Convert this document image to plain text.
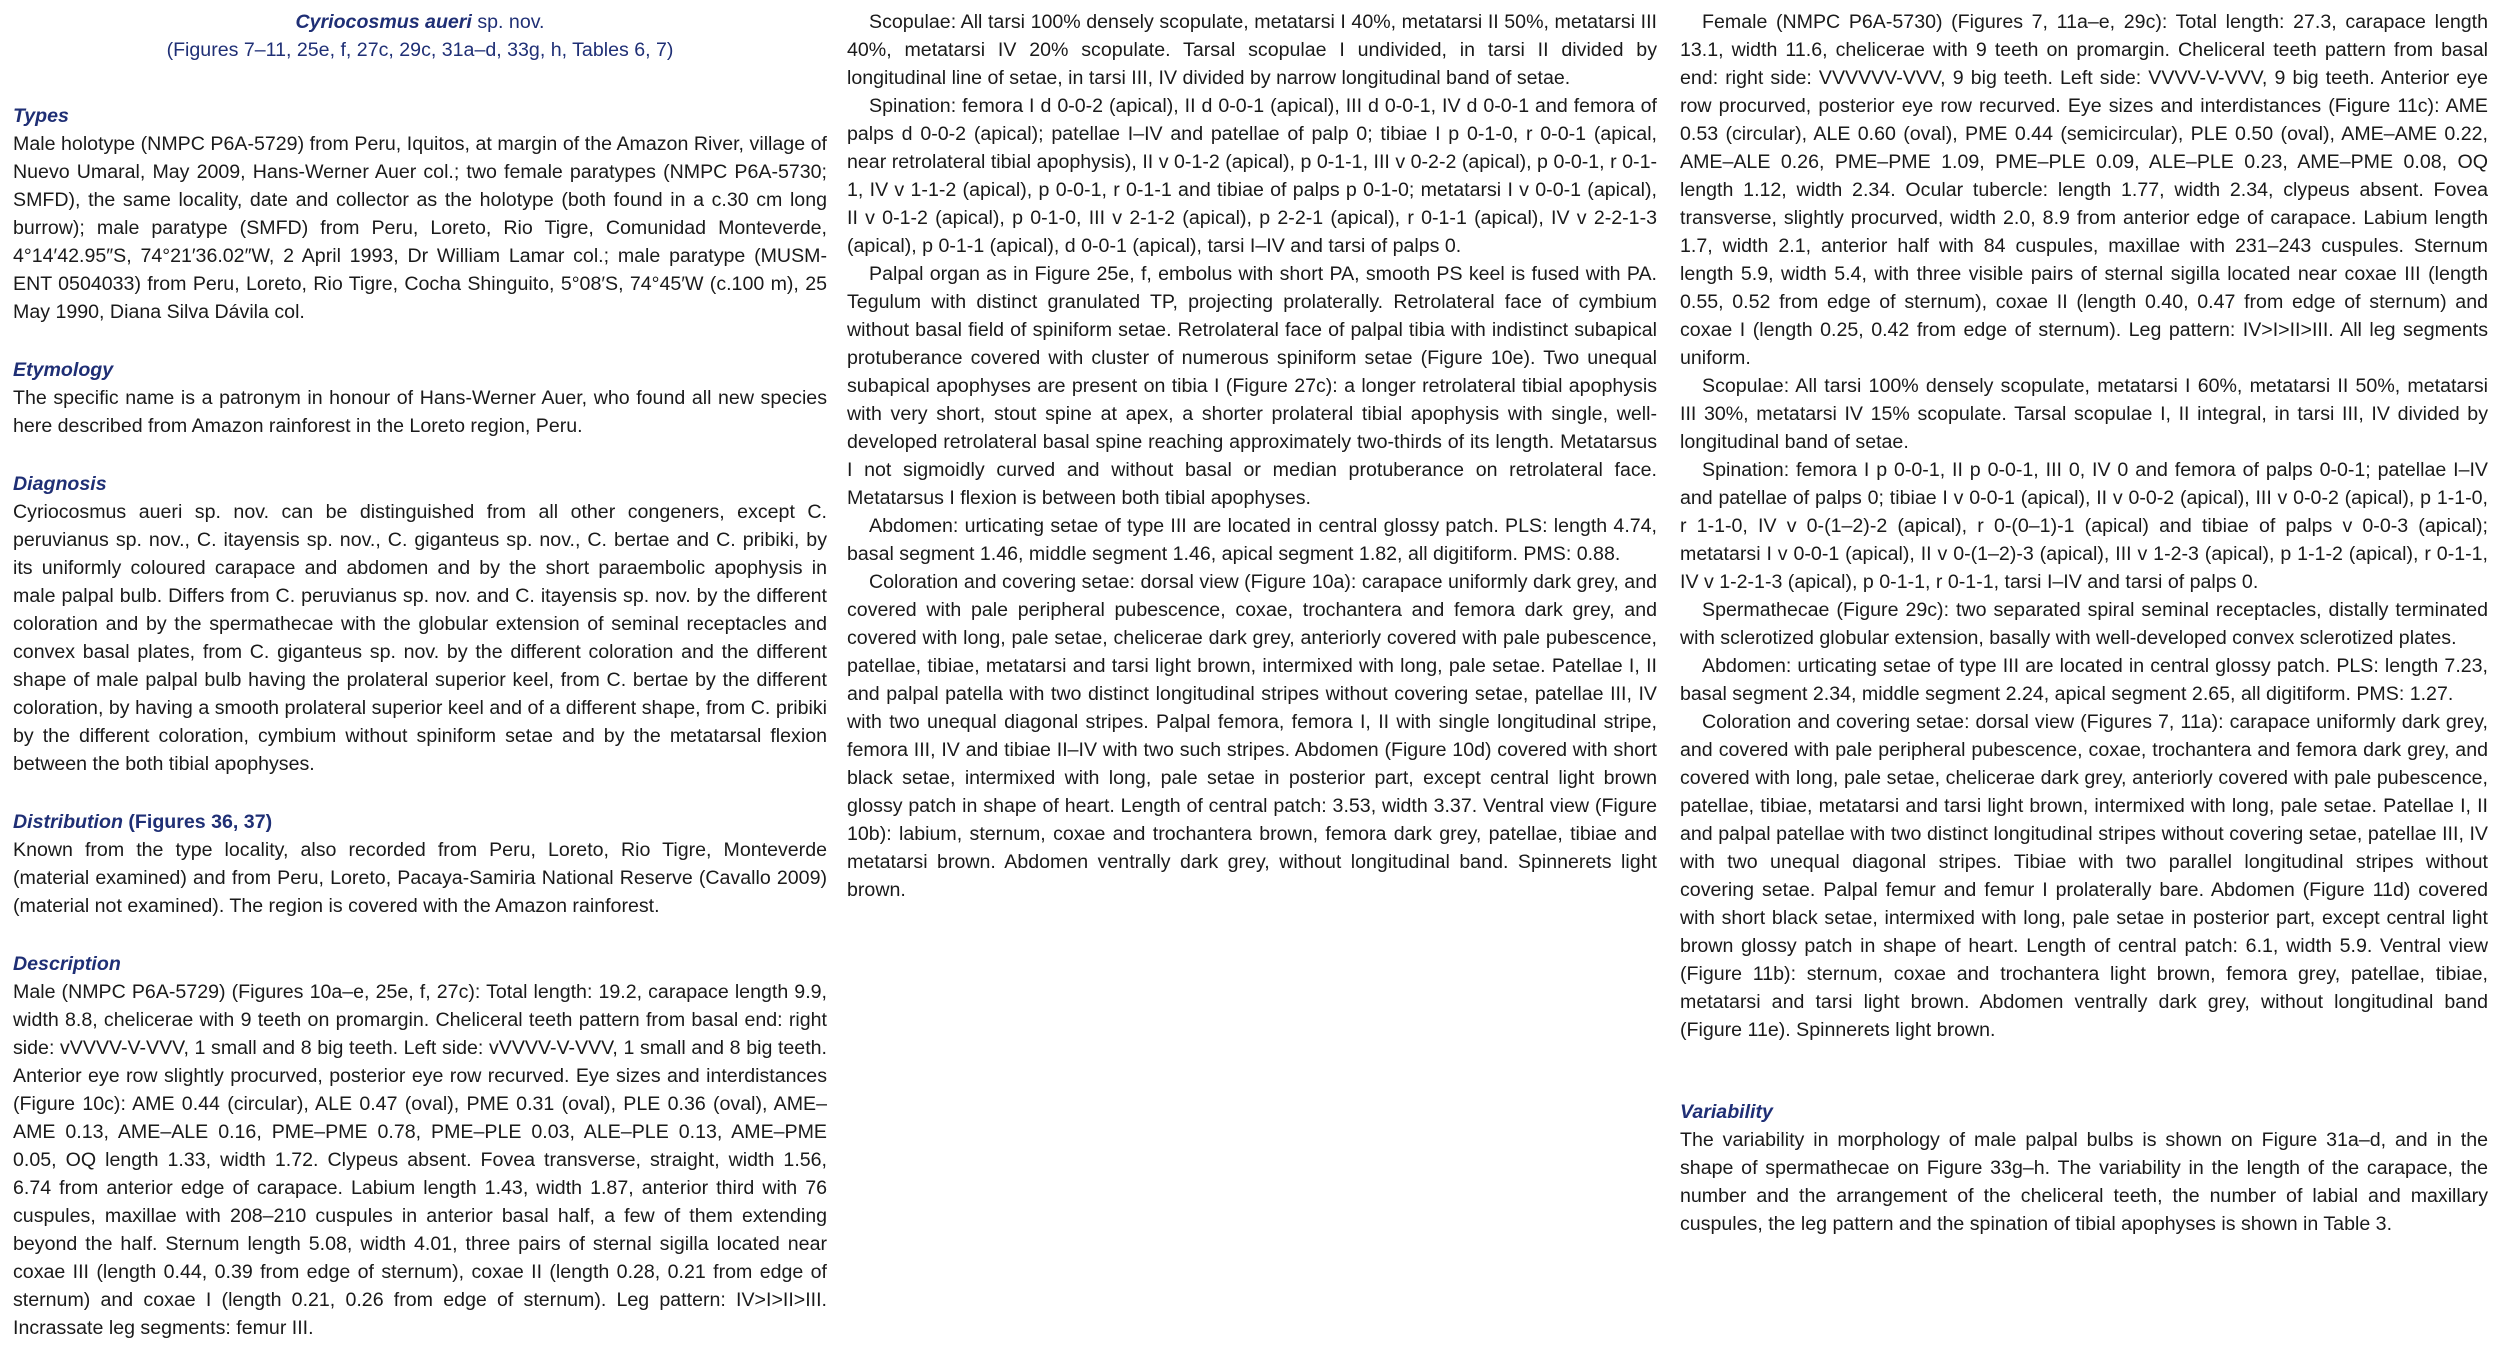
Cyriocosmus aueri sp. nov.
(Figures 7–11, 25e, f, 27c, 29c, 31a–d, 33g, h, Tables 6, 7)
Types

Male holotype (NMPC P6A-5729) from Peru, Iquitos, at margin of the Amazon River, village of Nuevo Umaral, May 2009, Hans-Werner Auer col.; two female paratypes (NMPC P6A-5730; SMFD), the same locality, date and collector as the holotype (both found in a c.30 cm long burrow); male paratype (SMFD) from Peru, Loreto, Rio Tigre, Comunidad Monteverde, 4°14′42.95″S, 74°21′36.02″W, 2 April 1993, Dr William Lamar col.; male paratype (MUSM-ENT 0504033) from Peru, Loreto, Rio Tigre, Cocha Shinguito, 5°08′S, 74°45′W (c.100 m), 25 May 1990, Diana Silva Dávila col.

Etymology

The specific name is a patronym in honour of Hans-Werner Auer, who found all new species here described from Amazon rainforest in the Loreto region, Peru.

Diagnosis

Cyriocosmus aueri sp. nov. can be distinguished from all other congeners, except C. peruvianus sp. nov., C. itayensis sp. nov., C. giganteus sp. nov., C. bertae and C. pribiki, by its uniformly coloured carapace and abdomen and by the short paraembolic apophysis in male palpal bulb. Differs from C. peruvianus sp. nov. and C. itayensis sp. nov. by the different coloration and by the spermathecae with the globular extension of seminal receptacles and convex basal plates, from C. giganteus sp. nov. by the different coloration and the different shape of male palpal bulb having the prolateral superior keel, from C. bertae by the different coloration, by having a smooth prolateral superior keel and of a different shape, from C. pribiki by the different coloration, cymbium without spiniform setae and by the metatarsal flexion between the both tibial apophyses.

Distribution (Figures 36, 37)

Known from the type locality, also recorded from Peru, Loreto, Rio Tigre, Monteverde (material examined) and from Peru, Loreto, Pacaya-Samiria National Reserve (Cavallo 2009) (material not examined). The region is covered with the Amazon rainforest.

Description

Male (NMPC P6A-5729) (Figures 10a–e, 25e, f, 27c): Total length: 19.2, carapace length 9.9, width 8.8, chelicerae with 9 teeth on promargin. Cheliceral teeth pattern from basal end: right side: vVVVV-V-VVV, 1 small and 8 big teeth. Left side: vVVVV-V-VVV, 1 small and 8 big teeth. Anterior eye row slightly procurved, posterior eye row recurved. Eye sizes and interdistances (Figure 10c): AME 0.44 (circular), ALE 0.47 (oval), PME 0.31 (oval), PLE 0.36 (oval), AME–AME 0.13, AME–ALE 0.16, PME–PME 0.78, PME–PLE 0.03, ALE–PLE 0.13, AME–PME 0.05, OQ length 1.33, width 1.72. Clypeus absent. Fovea transverse, straight, width 1.56, 6.74 from anterior edge of carapace. Labium length 1.43, width 1.87, anterior third with 76 cuspules, maxillae with 208–210 cuspules in anterior basal half, a few of them extending beyond the half. Sternum length 5.08, width 4.01, three pairs of sternal sigilla located near coxae III (length 0.44, 0.39 from edge of sternum), coxae II (length 0.28, 0.21 from edge of sternum) and coxae I (length 0.21, 0.26 from edge of sternum). Leg pattern: IV>I>II>III. Incrassate leg segments: femur III.

Scopulae: All tarsi 100% densely scopulate, metatarsi I 40%, metatarsi II 50%, metatarsi III 40%, metatarsi IV 20% scopulate. Tarsal scopulae I undivided, in tarsi II divided by longitudinal line of setae, in tarsi III, IV divided by narrow longitudinal band of setae.

Spination: femora I d 0-0-2 (apical), II d 0-0-1 (apical), III d 0-0-1, IV d 0-0-1 and femora of palps d 0-0-2 (apical); patellae I–IV and patellae of palp 0; tibiae I p 0-1-0, r 0-0-1 (apical, near retrolateral tibial apophysis), II v 0-1-2 (apical), p 0-1-1, III v 0-2-2 (apical), p 0-0-1, r 0-1-1, IV v 1-1-2 (apical), p 0-0-1, r 0-1-1 and tibiae of palps p 0-1-0; metatarsi I v 0-0-1 (apical), II v 0-1-2 (apical), p 0-1-0, III v 2-1-2 (apical), p 2-2-1 (apical), r 0-1-1 (apical), IV v 2-2-1-3 (apical), p 0-1-1 (apical), d 0-0-1 (apical), tarsi I–IV and tarsi of palps 0.

Palpal organ as in Figure 25e, f, embolus with short PA, smooth PS keel is fused with PA. Tegulum with distinct granulated TP, projecting prolaterally. Retrolateral face of cymbium without basal field of spiniform setae. Retrolateral face of palpal tibia with indistinct subapical protuberance covered with cluster of numerous spiniform setae (Figure 10e). Two unequal subapical apophyses are present on tibia I (Figure 27c): a longer retrolateral tibial apophysis with very short, stout spine at apex, a shorter prolateral tibial apophysis with single, well-developed retrolateral basal spine reaching approximately two-thirds of its length. Metatarsus I not sigmoidly curved and without basal or median protuberance on retrolateral face. Metatarsus I flexion is between both tibial apophyses.

Abdomen: urticating setae of type III are located in central glossy patch. PLS: length 4.74, basal segment 1.46, middle segment 1.46, apical segment 1.82, all digitiform. PMS: 0.88.

Coloration and covering setae: dorsal view (Figure 10a): carapace uniformly dark grey, and covered with pale peripheral pubescence, coxae, trochantera and femora dark grey, and covered with long, pale setae, chelicerae dark grey, anteriorly covered with pale pubescence, patellae, tibiae, metatarsi and tarsi light brown, intermixed with long, pale setae. Patellae I, II and palpal patella with two distinct longitudinal stripes without covering setae, patellae III, IV with two unequal diagonal stripes. Palpal femora, femora I, II with single longitudinal stripe, femora III, IV and tibiae II–IV with two such stripes. Abdomen (Figure 10d) covered with short black setae, intermixed with long, pale setae in posterior part, except central light brown glossy patch in shape of heart. Length of central patch: 3.53, width 3.37. Ventral view (Figure 10b): labium, sternum, coxae and trochantera brown, femora dark grey, patellae, tibiae and metatarsi brown. Abdomen ventrally dark grey, without longitudinal band. Spinnerets light brown.

Female (NMPC P6A-5730) (Figures 7, 11a–e, 29c): Total length: 27.3, carapace length 13.1, width 11.6, chelicerae with 9 teeth on promargin. Cheliceral teeth pattern from basal end: right side: VVVVVV-VVV, 9 big teeth. Left side: VVVV-V-VVV, 9 big teeth. Anterior eye row procurved, posterior eye row recurved. Eye sizes and interdistances (Figure 11c): AME 0.53 (circular), ALE 0.60 (oval), PME 0.44 (semicircular), PLE 0.50 (oval), AME–AME 0.22, AME–ALE 0.26, PME–PME 1.09, PME–PLE 0.09, ALE–PLE 0.23, AME–PME 0.08, OQ length 1.12, width 2.34. Ocular tubercle: length 1.77, width 2.34, clypeus absent. Fovea transverse, slightly procurved, width 2.0, 8.9 from anterior edge of carapace. Labium length 1.7, width 2.1, anterior half with 84 cuspules, maxillae with 231–243 cuspules. Sternum length 5.9, width 5.4, with three visible pairs of sternal sigilla located near coxae III (length 0.55, 0.52 from edge of sternum), coxae II (length 0.40, 0.47 from edge of sternum) and coxae I (length 0.25, 0.42 from edge of sternum). Leg pattern: IV>I>II>III. All leg segments uniform.

Scopulae: All tarsi 100% densely scopulate, metatarsi I 60%, metatarsi II 50%, metatarsi III 30%, metatarsi IV 15% scopulate. Tarsal scopulae I, II integral, in tarsi III, IV divided by longitudinal band of setae.

Spination: femora I p 0-0-1, II p 0-0-1, III 0, IV 0 and femora of palps 0-0-1; patellae I–IV and patellae of palps 0; tibiae I v 0-0-1 (apical), II v 0-0-2 (apical), III v 0-0-2 (apical), p 1-1-0, r 1-1-0, IV v 0-(1–2)-2 (apical), r 0-(0–1)-1 (apical) and tibiae of palps v 0-0-3 (apical); metatarsi I v 0-0-1 (apical), II v 0-(1–2)-3 (apical), III v 1-2-3 (apical), p 1-1-2 (apical), r 0-1-1, IV v 1-2-1-3 (apical), p 0-1-1, r 0-1-1, tarsi I–IV and tarsi of palps 0.

Spermathecae (Figure 29c): two separated spiral seminal receptacles, distally terminated with sclerotized globular extension, basally with well-developed convex sclerotized plates.

Abdomen: urticating setae of type III are located in central glossy patch. PLS: length 7.23, basal segment 2.34, middle segment 2.24, apical segment 2.65, all digitiform. PMS: 1.27.

Coloration and covering setae: dorsal view (Figures 7, 11a): carapace uniformly dark grey, and covered with pale peripheral pubescence, coxae, trochantera and femora dark grey, and covered with long, pale setae, chelicerae dark grey, anteriorly covered with pale pubescence, patellae, tibiae, metatarsi and tarsi light brown, intermixed with long, pale setae. Patellae I, II and palpal patellae with two distinct longitudinal stripes without covering setae, patellae III, IV with two unequal diagonal stripes. Tibiae with two parallel longitudinal stripes without covering setae. Palpal femur and femur I prolaterally bare. Abdomen (Figure 11d) covered with short black setae, intermixed with long, pale setae in posterior part, except central light brown glossy patch in shape of heart. Length of central patch: 6.1, width 5.9. Ventral view (Figure 11b): sternum, coxae and trochantera light brown, femora grey, patellae, tibiae, metatarsi and tarsi light brown. Abdomen ventrally dark grey, without longitudinal band (Figure 11e). Spinnerets light brown.

Variability

The variability in morphology of male palpal bulbs is shown on Figure 31a–d, and in the shape of spermathecae on Figure 33g–h. The variability in the length of the carapace, the number and the arrangement of the cheliceral teeth, the number of labial and maxillary cuspules, the leg pattern and the spination of tibial apophyses is shown in Table 3.
